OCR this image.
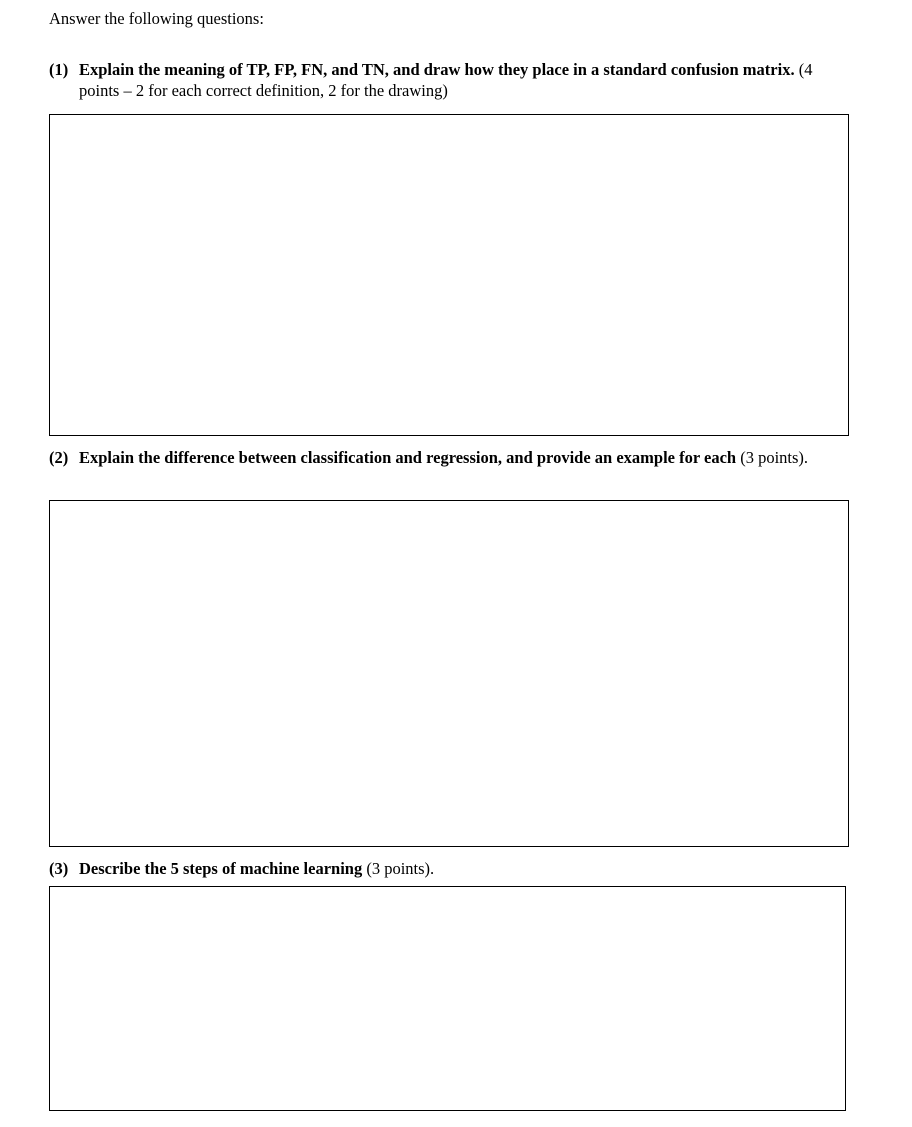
Answer the following questions:

(1) Explain the meaning of TP, FP, FN, and TN, and draw how they place in a standard confusion matrix. (4 points – 2 for each correct definition, 2 for the drawing)
(2) Explain the difference between classification and regression, and provide an example for each (3 points).
(3) Describe the 5 steps of machine learning (3 points).
